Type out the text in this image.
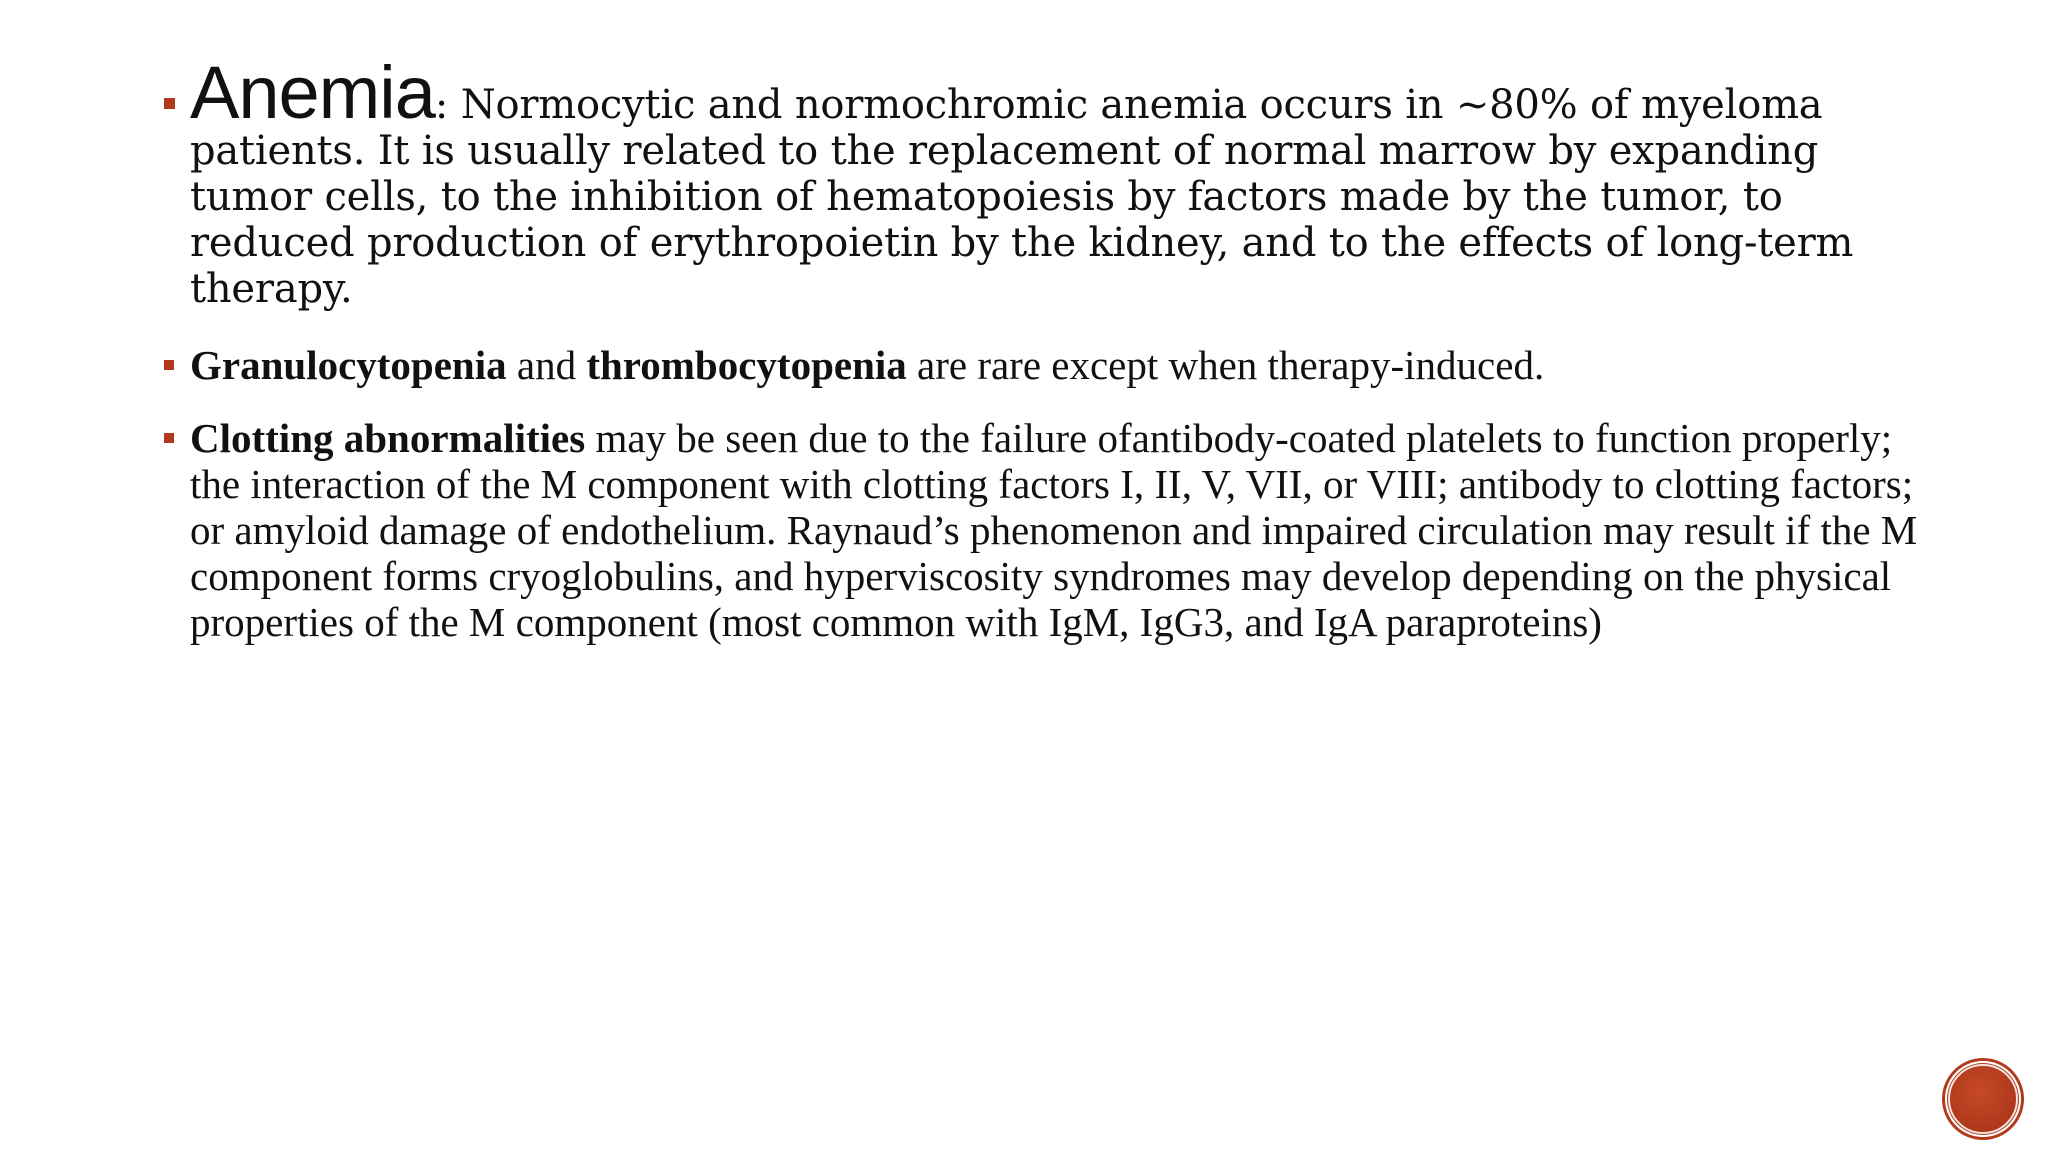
Anemia: Normocytic and normochromic anemia occurs in ~80% of myeloma patients. It is usually related to the replacement of normal marrow by expanding tumor cells, to the inhibition of hematopoiesis by factors made by the tumor, to reduced production of erythropoietin by the kidney, and to the effects of long-term therapy.
Granulocytopenia and thrombocytopenia are rare except when therapy-induced.
Clotting abnormalities may be seen due to the failure ofantibody-coated platelets to function properly; the interaction of the M component with clotting factors I, II, V, VII, or VIII; antibody to clotting factors; or amyloid damage of endothelium. Raynaud’s phenomenon and impaired circulation may result if the M component forms cryoglobulins, and hyperviscosity syndromes may develop depending on the physical properties of the M component (most common with IgM, IgG3, and IgA paraproteins)
